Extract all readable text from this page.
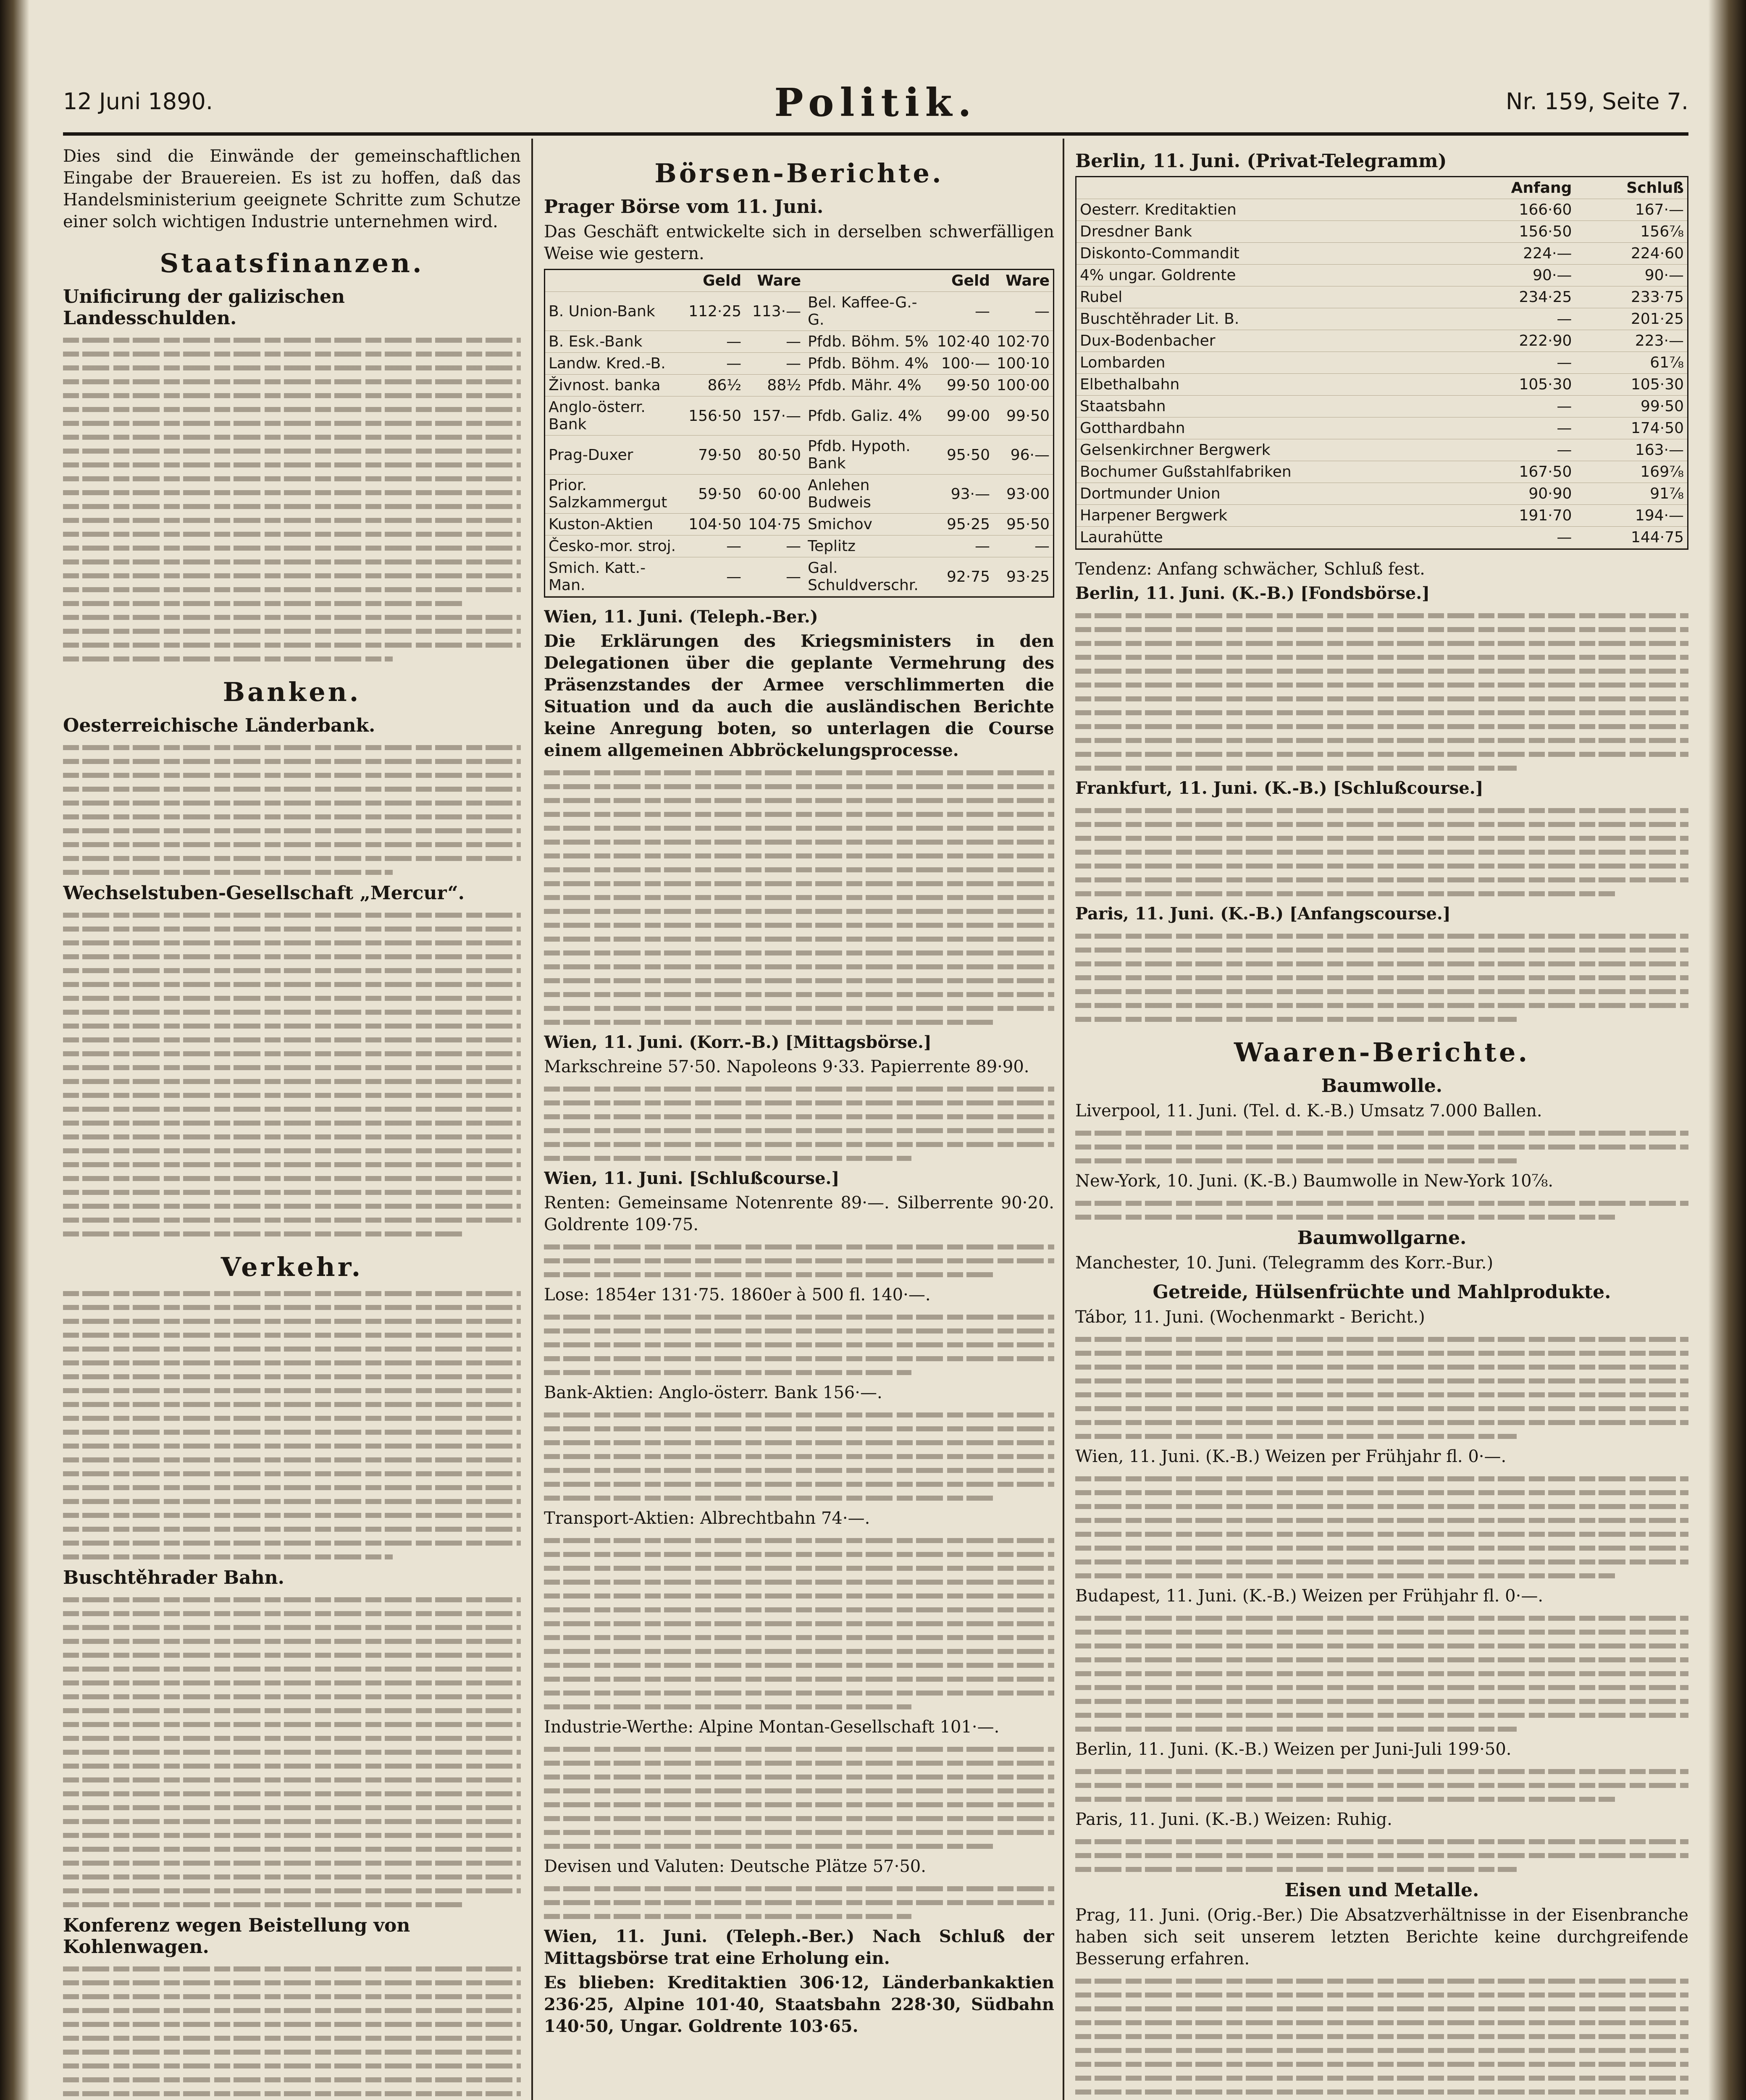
12 Juni 1890.	Politik.	Nr. 159, Seite 7.

Dies sind die Einwände der gemeinschaftlichen Eingabe der Brauereien. Es ist zu hoffen, daß das Handelsministerium geeignete Schritte zum Schutze einer solch wichtigen Industrie unternehmen wird.

Staatsfinanzen.
Unificirung der galizischen Landesschulden.
Banken.
Oesterreichische Länderbank.
Wechselstuben-Gesellschaft „Mercur“.
Verkehr.
Buschtěhrader Bahn.
Konferenz wegen Beistellung von Kohlenwagen.
Börsen-Berichte.
Prager Börse vom 11. Juni.

Das Geschäft entwickelte sich in derselben schwerfälligen Weise wie gestern.

	Geld	Ware		Geld	Ware
B. Union-Bank	112·25	113·—	Bel. Kaffee-G.-G.	—	—
B. Esk.-Bank	—	—	Pfdb. Böhm. 5%	102·40	102·70
Landw. Kred.-B.	—	—	Pfdb. Böhm. 4%	100·—	100·10
Živnost. banka	86½	88½	Pfdb. Mähr. 4%	99·50	100·00
Anglo-österr. Bank	156·50	157·—	Pfdb. Galiz. 4%	99·00	99·50
Prag-Duxer	79·50	80·50	Pfdb. Hypoth. Bank	95·50	96·—
Prior. Salzkammergut	59·50	60·00	Anlehen Budweis	93·—	93·00
Kuston-Aktien	104·50	104·75	Smichov	95·25	95·50
Česko-mor. stroj.	—	—	Teplitz	—	—
Smich. Katt.-Man.	—	—	Gal. Schuldverschr.	92·75	93·25

Wien, 11. Juni. (Teleph.-Ber.)

Die Erklärungen des Kriegsministers in den Delegationen über die geplante Vermehrung des Präsenzstandes der Armee verschlimmerten die Situation und da auch die ausländischen Berichte keine Anregung boten, so unterlagen die Course einem allgemeinen Abbröckelungsprocesse.

Wien, 11. Juni. (Korr.-B.) [Mittagsbörse.]

Markschreine 57·50. Napoleons 9·33. Papierrente 89·90.

Wien, 11. Juni. [Schlußcourse.]

Renten: Gemeinsame Notenrente 89·—. Silberrente 90·20. Goldrente 109·75.

Lose: 1854er 131·75. 1860er à 500 fl. 140·—.

Bank-Aktien: Anglo-österr. Bank 156·—.

Transport-Aktien: Albrechtbahn 74·—.

Industrie-Werthe: Alpine Montan-Gesellschaft 101·—.

Devisen und Valuten: Deutsche Plätze 57·50.

Wien, 11. Juni. (Teleph.-Ber.) Nach Schluß der Mittagsbörse trat eine Erholung ein.

Es blieben: Kreditaktien 306·12, Länderbankaktien 236·25, Alpine 101·40, Staatsbahn 228·30, Südbahn 140·50, Ungar. Goldrente 103·65.

Berlin, 11. Juni. (Privat-Telegramm)
	Anfang	Schluß
Oesterr. Kreditaktien	166·60	167·—
Dresdner Bank	156·50	156⅞
Diskonto-Commandit	224·—	224·60
4% ungar. Goldrente	90·—	90·—
Rubel	234·25	233·75
Buschtěhrader Lit. B.	—	201·25
Dux-Bodenbacher	222·90	223·—
Lombarden	—	61⅞
Elbethalbahn	105·30	105·30
Staatsbahn	—	99·50
Gotthardbahn	—	174·50
Gelsenkirchner Bergwerk	—	163·—
Bochumer Gußstahlfabriken	167·50	169⅞
Dortmunder Union	90·90	91⅞
Harpener Bergwerk	191·70	194·—
Laurahütte	—	144·75

Tendenz: Anfang schwächer, Schluß fest.

Berlin, 11. Juni. (K.-B.) [Fondsbörse.]

Frankfurt, 11. Juni. (K.-B.) [Schlußcourse.]

Paris, 11. Juni. (K.-B.) [Anfangscourse.]

Waaren-Berichte.
Baumwolle.

Liverpool, 11. Juni. (Tel. d. K.-B.) Umsatz 7.000 Ballen.

New-York, 10. Juni. (K.-B.) Baumwolle in New-York 10⅞.

Baumwollgarne.

Manchester, 10. Juni. (Telegramm des Korr.-Bur.)

Getreide, Hülsenfrüchte und Mahlprodukte.

Tábor, 11. Juni. (Wochenmarkt - Bericht.)

Wien, 11. Juni. (K.-B.) Weizen per Frühjahr fl. 0·—.

Budapest, 11. Juni. (K.-B.) Weizen per Frühjahr fl. 0·—.

Berlin, 11. Juni. (K.-B.) Weizen per Juni-Juli 199·50.

Paris, 11. Juni. (K.-B.) Weizen: Ruhig.

Eisen und Metalle.

Prag, 11. Juni. (Orig.-Ber.) Die Absatzverhältnisse in der Eisenbranche haben sich seit unserem letzten Berichte keine durchgreifende Besserung erfahren.
